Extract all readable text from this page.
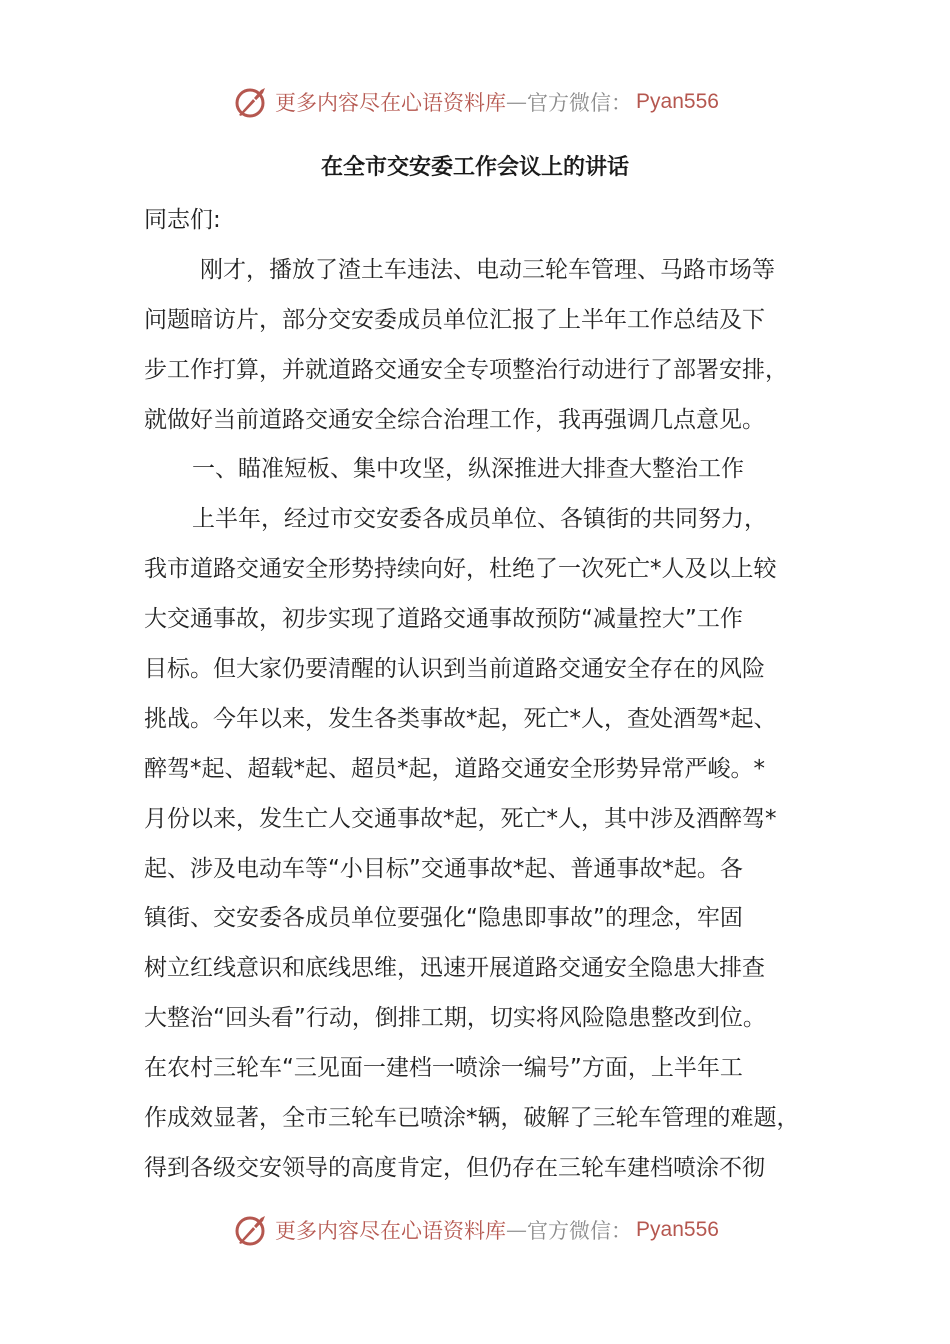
更多内容尽在心语资料库 — 官方微信： Pyan556
在全市交安委工作会议上的讲话
同志们:
刚才，播放了渣土车违法、电动三轮车管理、马路市场等
问题暗访片，部分交安委成员单位汇报了上半年工作总结及下
步工作打算，并就道路交通安全专项整治行动进行了部署安排，
就做好当前道路交通安全综合治理工作，我再强调几点意见。
一、瞄准短板、集中攻坚，纵深推进大排查大整治工作
上半年，经过市交安委各成员单位、各镇街的共同努力，
我市道路交通安全形势持续向好，杜绝了一次死亡*人及以上较
大交通事故，初步实现了道路交通事故预防“减量控大”工作
目标。但大家仍要清醒的认识到当前道路交通安全存在的风险
挑战。今年以来，发生各类事故*起，死亡*人，查处酒驾*起、
醉驾*起、超载*起、超员*起，道路交通安全形势异常严峻。*
月份以来，发生亡人交通事故*起，死亡*人，其中涉及酒醉驾*
起、涉及电动车等“小目标”交通事故*起、普通事故*起。各
镇街、交安委各成员单位要强化“隐患即事故”的理念，牢固
树立红线意识和底线思维，迅速开展道路交通安全隐患大排查
大整治“回头看”行动，倒排工期，切实将风险隐患整改到位。
在农村三轮车“三见面一建档一喷涂一编号”方面，上半年工
作成效显著，全市三轮车已喷涂*辆，破解了三轮车管理的难题，
得到各级交安领导的高度肯定，但仍存在三轮车建档喷涂不彻
更多内容尽在心语资料库 — 官方微信： Pyan556
